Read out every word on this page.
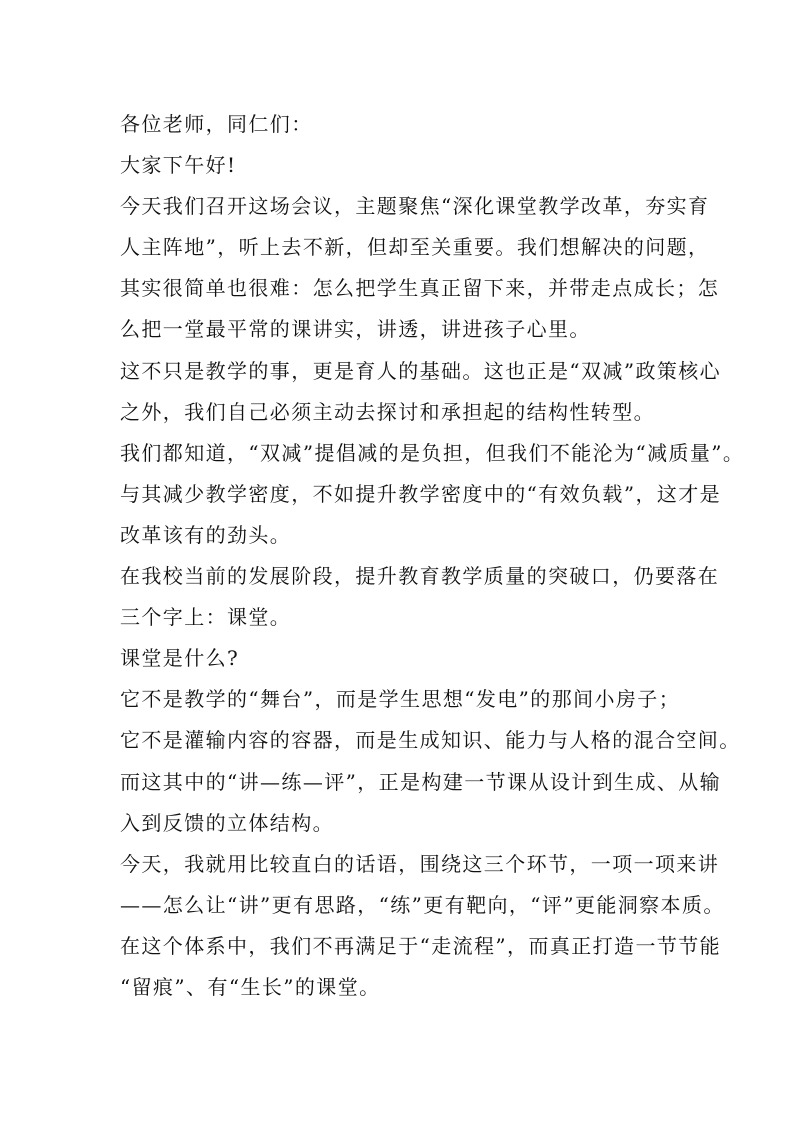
各位老师，同仁们：
大家下午好!
今天我们召开这场会议，主题聚焦“深化课堂教学改革，夯实育
人主阵地”，听上去不新，但却至关重要。我们想解决的问题，
其实很简单也很难：怎么把学生真正留下来，并带走点成长；怎
么把一堂最平常的课讲实，讲透，讲进孩子心里。
这不只是教学的事，更是育人的基础。这也正是“双减”政策核心
之外，我们自己必须主动去探讨和承担起的结构性转型。
我们都知道，“双减”提倡减的是负担，但我们不能沦为“减质量”。
与其减少教学密度，不如提升教学密度中的“有效负载”，这才是
改革该有的劲头。
在我校当前的发展阶段，提升教育教学质量的突破口，仍要落在
三个字上：课堂。
课堂是什么?
它不是教学的“舞台”，而是学生思想“发电”的那间小房子；
它不是灌输内容的容器，而是生成知识、能力与人格的混合空间。
而这其中的“讲—练—评”，正是构建一节课从设计到生成、从输
入到反馈的立体结构。
今天，我就用比较直白的话语，围绕这三个环节，一项一项来讲
——怎么让“讲”更有思路，“练”更有靶向，“评”更能洞察本质。
在这个体系中，我们不再满足于“走流程”，而真正打造一节节能
“留痕”、有“生长”的课堂。
